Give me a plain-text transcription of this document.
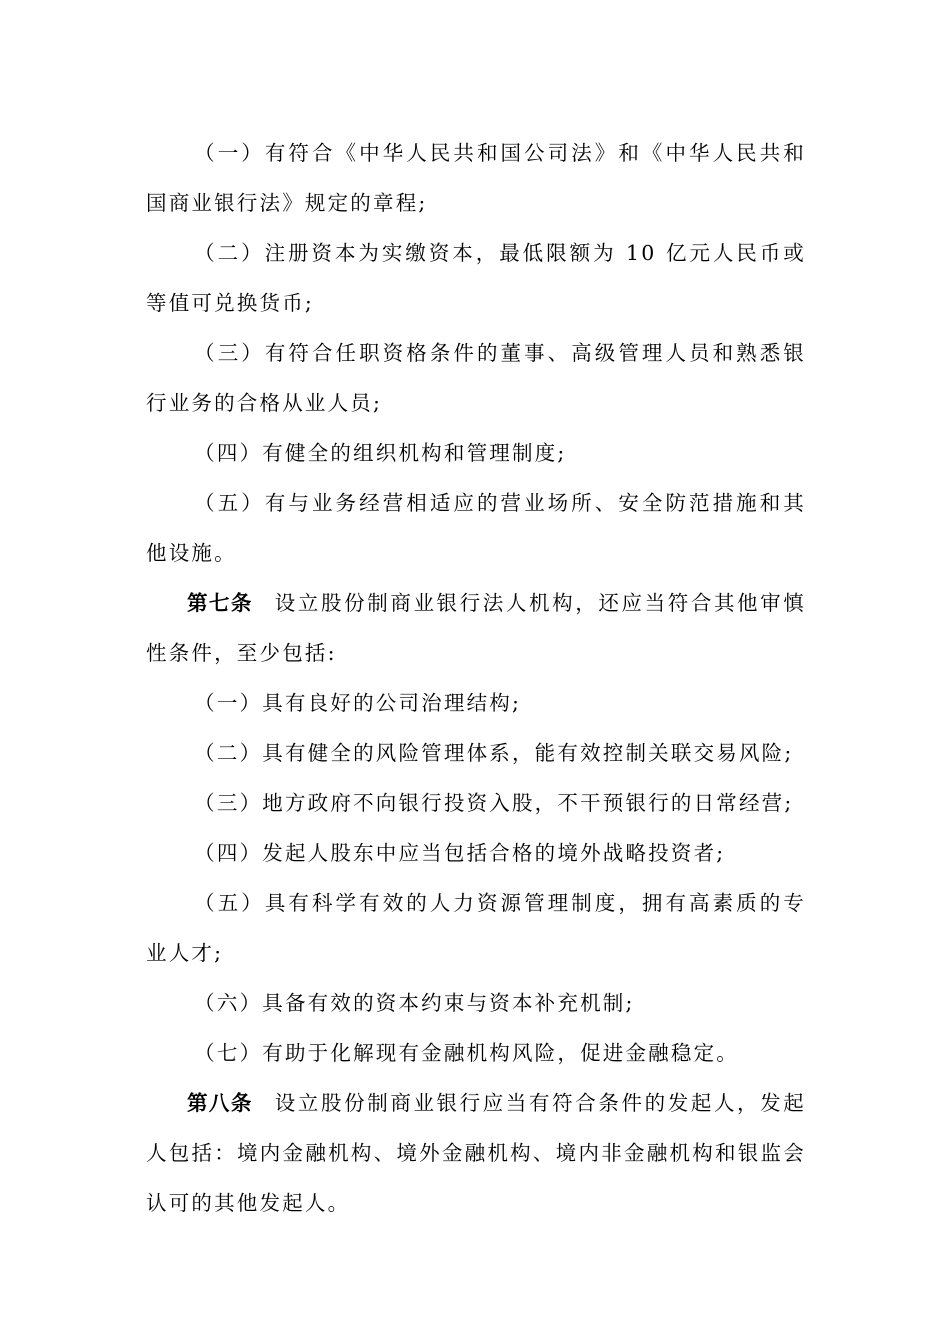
（一）有符合《中华人民共和国公司法》和《中华人民共和国商业银行法》规定的章程;

（二）注册资本为实缴资本，最低限额为 10 亿元人民币或等值可兑换货币;

（三）有符合任职资格条件的董事、高级管理人员和熟悉银行业务的合格从业人员;

（四）有健全的组织机构和管理制度;

（五）有与业务经营相适应的营业场所、安全防范措施和其他设施。

第七条 设立股份制商业银行法人机构，还应当符合其他审慎性条件，至少包括:

（一）具有良好的公司治理结构;

（二）具有健全的风险管理体系，能有效控制关联交易风险;

（三）地方政府不向银行投资入股，不干预银行的日常经营;

（四）发起人股东中应当包括合格的境外战略投资者;

（五）具有科学有效的人力资源管理制度，拥有高素质的专业人才;

（六）具备有效的资本约束与资本补充机制;

（七）有助于化解现有金融机构风险，促进金融稳定。

第八条 设立股份制商业银行应当有符合条件的发起人，发起人包括：境内金融机构、境外金融机构、境内非金融机构和银监会认可的其他发起人。
